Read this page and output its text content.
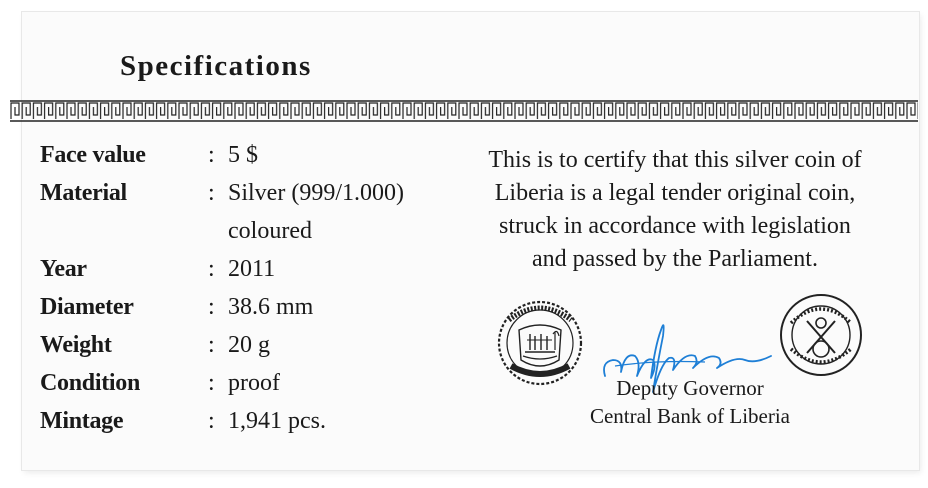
Specifications
Face value	: 5 $
Material	: Silver (999/1.000)
coloured
Year	: 2011
Diameter	: 38.6 mm
Weight	: 20 g
Condition	: proof
Mintage	: 1,941 pcs.
This is to certify that this silver coin of
Liberia is a legal tender original coin,
struck in accordance with legislation
and passed by the Parliament.
Deputy Governor
Central Bank of Liberia
